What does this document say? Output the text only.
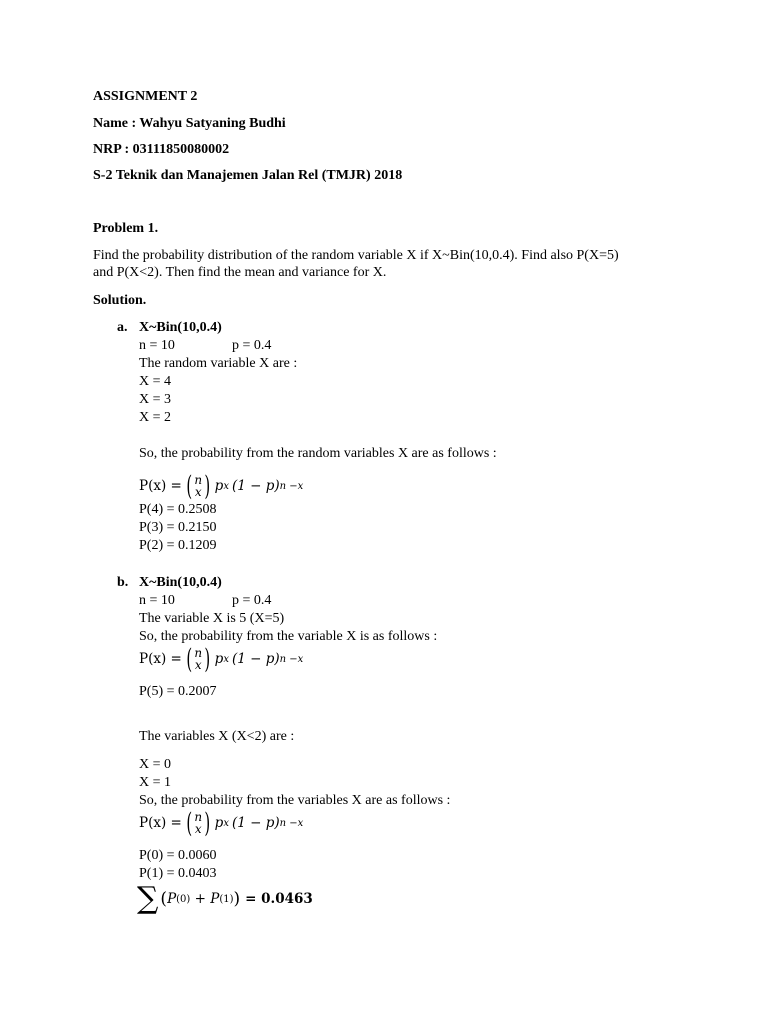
ASSIGNMENT 2
Name : Wahyu Satyaning Budhi
NRP : 03111850080002
S-2 Teknik dan Manajemen Jalan Rel (TMJR) 2018
Problem 1.
Find the probability distribution of the random variable X if X~Bin(10,0.4). Find also P(X=5)
and P(X<2). Then find the mean and variance for X.
Solution.
a. X~Bin(10,0.4)
n = 10	p = 0.4
The random variable X are :
X = 4
X = 3
X = 2
So, the probability from the random variables X are as follows :
P(x) = ( n
x ) p x (1 − p) n −x
P(4) = 0.2508
P(3) = 0.2150
P(2) = 0.1209
b. X~Bin(10,0.4)
n = 10	p = 0.4
The variable X is 5 (X=5)
So, the probability from the variable X is as follows :
P(x) = ( n
x ) p x (1 − p) n −x
P(5) = 0.2007
The variables X (X<2) are :
X = 0
X = 1
So, the probability from the variables X are as follows :
P(x) = ( n
x ) p x (1 − p) n −x
P(0) = 0.0060
P(1) = 0.0403
∑ ( P (0) + P (1) ) = 0.0463
